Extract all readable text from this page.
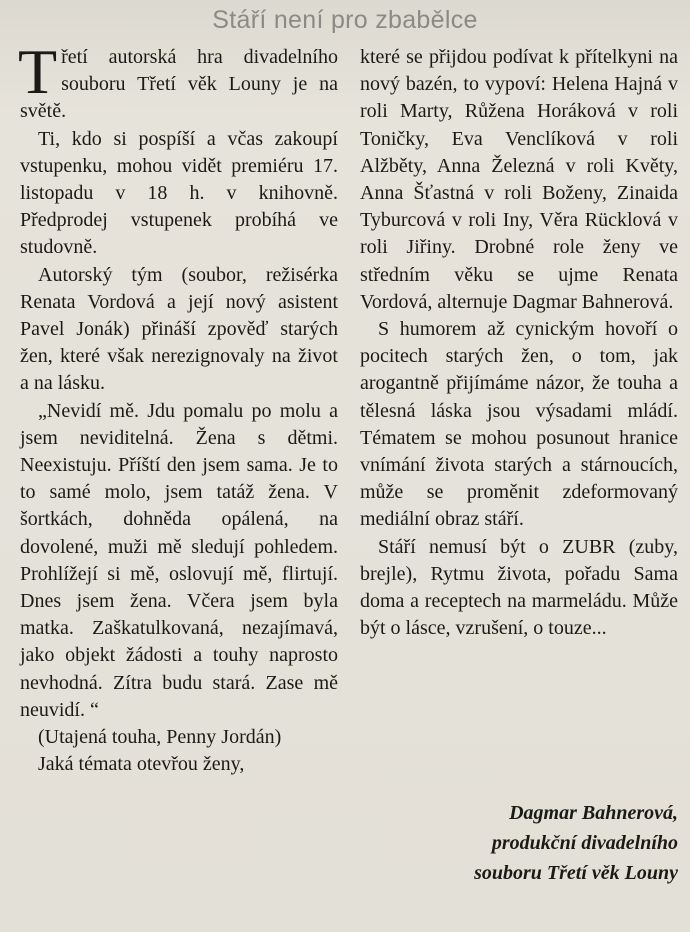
Stáří není pro zbabělce

Třetí autorská hra divadelního souboru Třetí věk Louny je na světě.

Ti, kdo si pospíší a včas zakoupí vstupenku, mohou vidět premiéru 17. listopadu v 18 h. v knihovně. Předprodej vstupenek probíhá ve studovně.

Autorský tým (soubor, režisérka Renata Vordová a její nový asistent Pavel Jonák) přináší zpověď starých žen, které však nerezignovaly na život a na lásku.

„Nevidí mě. Jdu pomalu po molu a jsem neviditelná. Žena s dětmi. Neexistuju. Příští den jsem sama. Je to to samé molo, jsem tatáž žena. V šortkách, dohněda opálená, na dovolené, muži mě sledují pohledem. Prohlížejí si mě, oslovují mě, flirtují. Dnes jsem žena. Včera jsem byla matka. Zaškatulkovaná, nezajímavá, jako objekt žádosti a touhy naprosto nevhodná. Zítra budu stará. Zase mě neuvidí. “

(Utajená touha, Penny Jordán)

Jaká témata otevřou ženy,

které se přijdou podívat k přítelkyni na nový bazén, to vypoví: Helena Hajná v roli Marty, Růžena Horáková v roli Toničky, Eva Venclíková v roli Alžběty, Anna Železná v roli Květy, Anna Šťastná v roli Boženy, Zinaida Tyburcová v roli Iny, Věra Rücklová v roli Jiřiny. Drobné role ženy ve středním věku se ujme Renata Vordová, alternuje Dagmar Bahnerová.

S humorem až cynickým hovoří o pocitech starých žen, o tom, jak arogantně přijímáme názor, že touha a tělesná láska jsou výsadami mládí. Tématem se mohou posunout hranice vnímání života starých a stárnoucích, může se proměnit zdeformovaný mediální obraz stáří.

Stáří nemusí být o ZUBR (zuby, brejle), Rytmu života, pořadu Sama doma a receptech na marmeládu. Může být o lásce, vzrušení, o touze...

Dagmar Bahnerová,
produkční divadelního
souboru Třetí věk Louny
